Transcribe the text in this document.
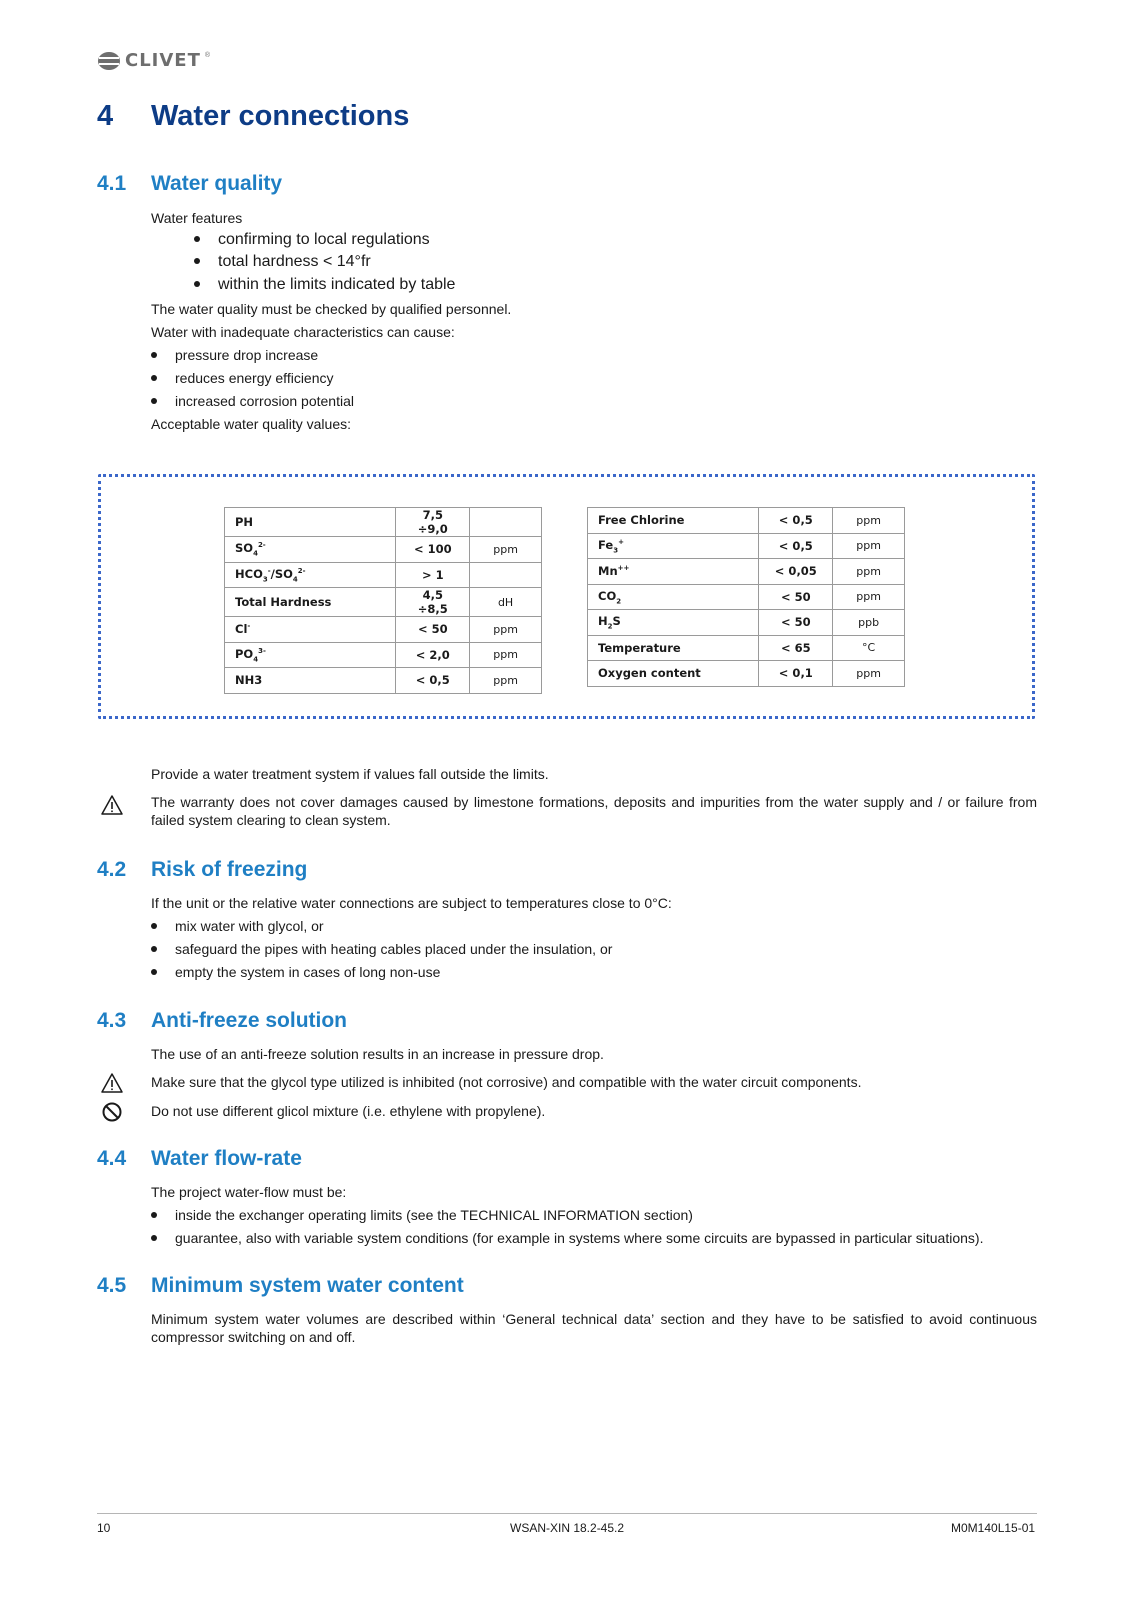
CLIVET ®
4 Water connections
4.1 Water quality
Water features
confirming to local regulations
total hardness < 14°fr
within the limits indicated by table
The water quality must be checked by qualified personnel.
Water with inadequate characteristics can cause:
pressure drop increase
reduces energy efficiency
increased corrosion potential
Acceptable water quality values:
PH	7,5 ÷9,0	
$SO_4^{2-}$	< 100	ppm
$HCO_3^-/SO_4^{2-}$	> 1	
Total Hardness	4,5 ÷8,5	dH
Cl-	< 50	ppm
$PO_4^{3-}$	< 2,0	ppm
NH3	< 0,5	ppm
Free Chlorine	< 0,5	ppm
$Fe_3^+$	< 0,5	ppm
Mn++	< 0,05	ppm
$CO_2$	< 50	ppm
$H_2S$	< 50	ppb
Temperature	< 65	°C
Oxygen content	< 0,1	ppm
Provide a water treatment system if values fall outside the limits.
The warranty does not cover damages caused by limestone formations, deposits and impurities from the water supply and / or failure from failed system clearing to clean system.
4.2 Risk of freezing
If the unit or the relative water connections are subject to temperatures close to 0°C:
mix water with glycol, or
safeguard the pipes with heating cables placed under the insulation, or
empty the system in cases of long non-use
4.3 Anti-freeze solution
The use of an anti-freeze solution results in an increase in pressure drop.
Make sure that the glycol type utilized is inhibited (not corrosive) and compatible with the water circuit components.
Do not use different glicol mixture (i.e. ethylene with propylene).
4.4 Water flow-rate
The project water-flow must be:
inside the exchanger operating limits (see the TECHNICAL INFORMATION section)
guarantee, also with variable system conditions (for example in systems where some circuits are bypassed in particular situations).
4.5 Minimum system water content
Minimum system water volumes are described within ‘General technical data’ section and they have to be satisfied to avoid continuous compressor switching on and off.
10	WSAN-XIN 18.2-45.2	M0M140L15-01
